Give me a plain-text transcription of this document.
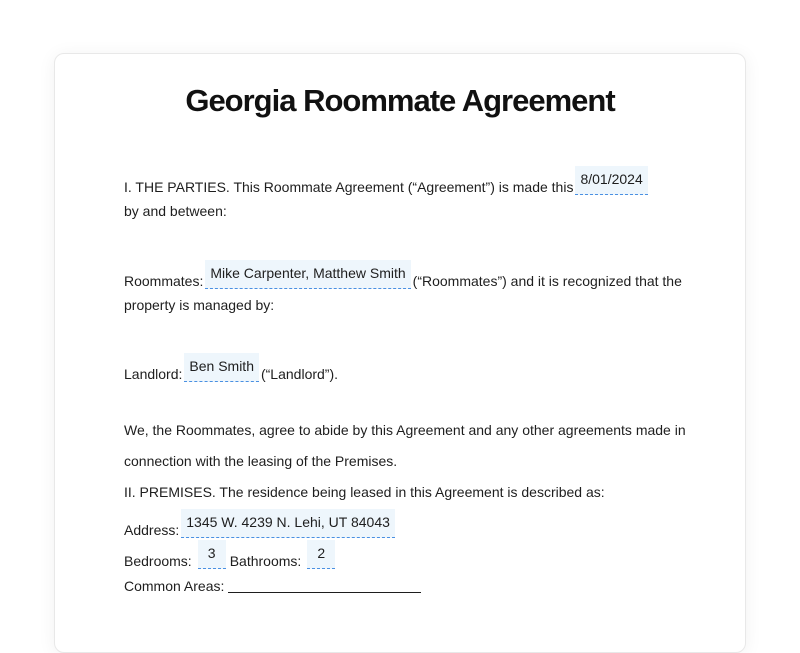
Georgia Roommate Agreement
I. THE PARTIES. This Roommate Agreement (“Agreement”) is made this 8/01/2024
by and between:
Roommates: Mike Carpenter, Matthew Smith (“Roommates”) and it is recognized that the
property is managed by:
Landlord: Ben Smith (“Landlord”).
We, the Roommates, agree to abide by this Agreement and any other agreements made in
connection with the leasing of the Premises.
II. PREMISES. The residence being leased in this Agreement is described as:
Address: 1345 W. 4239 N. Lehi, UT 84043
Bedrooms:	3	Bathrooms:	2
Common Areas:
